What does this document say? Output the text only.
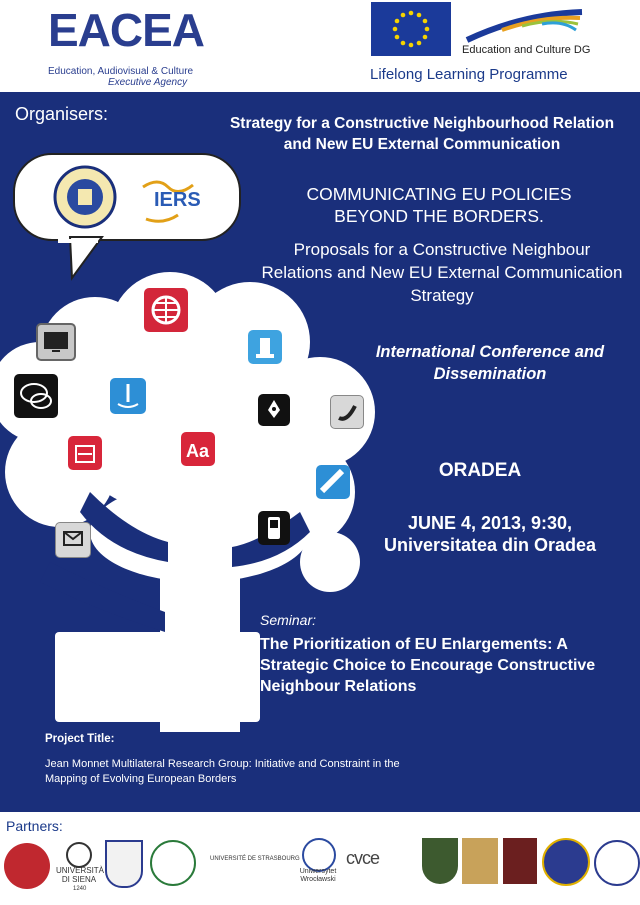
EACEA
Education, Audiovisual & Culture
Executive Agency
Education and Culture DG
Lifelong Learning Programme
IERS
Aa
Organisers:	Strategy for a Constructive Neighbourhood Relation and New EU External Communication
COMMUNICATING EU POLICIES BEYOND THE BORDERS.
Proposals for a Constructive Neighbour Relations and New EU External Communication Strategy
International Conference and Dissemination
ORADEA
JUNE 4, 2013, 9:30, Universitatea din Oradea
Seminar:
The Prioritization of EU Enlargements: A Strategic Choice to Encourage Constructive Neighbour Relations
Project Title:
Jean Monnet Multilateral Research Group: Initiative and Constraint in the Mapping of Evolving European Borders
Partners:
UNIVERSITÀ DI SIENA
1240
UNIVERSITÉ DE STRASBOURG
Uniwersytet Wrocławski
cvce
